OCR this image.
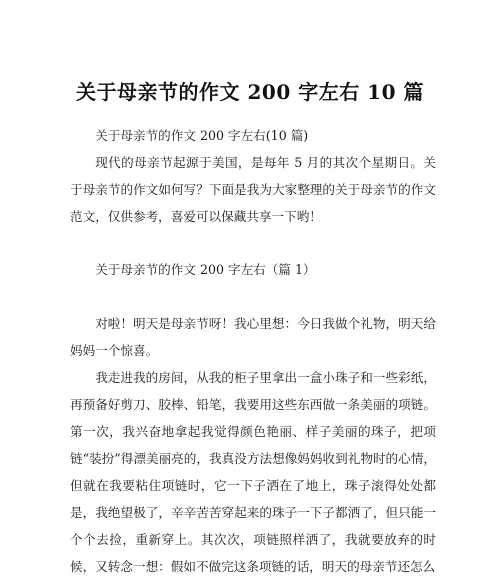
关于母亲节的作文 200 字左右 10 篇

关于母亲节的作文 200 字左右(10 篇)

现代的母亲节起源于美国，是每年 5 月的其次个星期日。关于母亲节的作文如何写？下面是我为大家整理的关于母亲节的作文范文，仅供参考，喜爱可以保藏共享一下哟！

关于母亲节的作文 200 字左右（篇 1）

对啦！明天是母亲节呀！我心里想：今日我做个礼物，明天给妈妈一个惊喜。

我走进我的房间，从我的柜子里拿出一盒小珠子和一些彩纸，再预备好剪刀、胶棒、铅笔，我要用这些东西做一条美丽的项链。第一次，我兴奋地拿起我觉得颜色艳丽、样子美丽的珠子，把项链“装扮”得漂美丽亮的，我真没方法想像妈妈收到礼物时的心情，但就在我要粘住项链时，它一下子洒在了地上，珠子滚得处处都是，我绝望极了，辛辛苦苦穿起来的珠子一下子都洒了，但只能一个个去捡，重新穿上。其次次，项链照样洒了，我就要放弃的时候，又转念一想：假如不做完这条项链的话，明天的母亲节还怎么
